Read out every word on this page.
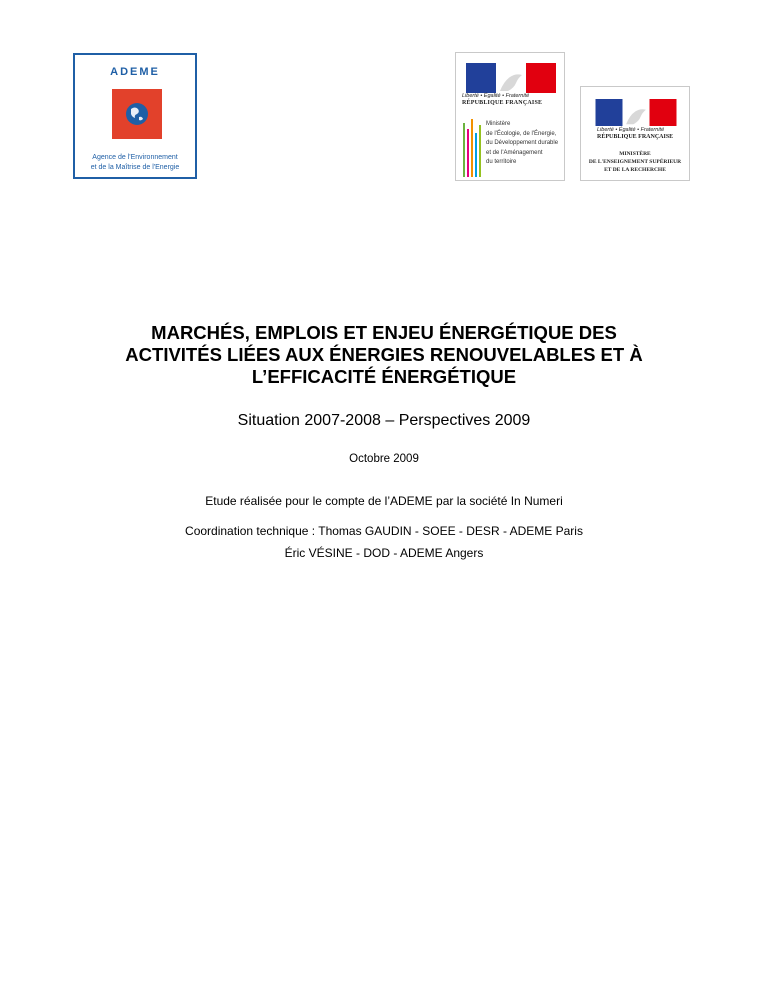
ADEME
Agence de l'Environnement
et de la Maîtrise de l'Energie
Liberté • Égalité • Fraternité
RÉPUBLIQUE FRANÇAISE
Ministère
de l'Écologie, de l'Énergie,
du Développement durable
et de l'Aménagement
du territoire
Liberté • Égalité • Fraternité
RÉPUBLIQUE FRANÇAISE
MINISTÈRE
DE L'ENSEIGNEMENT SUPÉRIEUR
ET DE LA RECHERCHE
MARCHÉS, EMPLOIS ET ENJEU ÉNERGÉTIQUE DES
ACTIVITÉS LIÉES AUX ÉNERGIES RENOUVELABLES ET À
L’EFFICACITÉ ÉNERGÉTIQUE
Situation 2007-2008 – Perspectives 2009
Octobre 2009
Etude réalisée pour le compte de l’ADEME par la société In Numeri
Coordination technique : Thomas GAUDIN - SOEE - DESR - ADEME Paris
Éric VÉSINE - DOD - ADEME Angers
